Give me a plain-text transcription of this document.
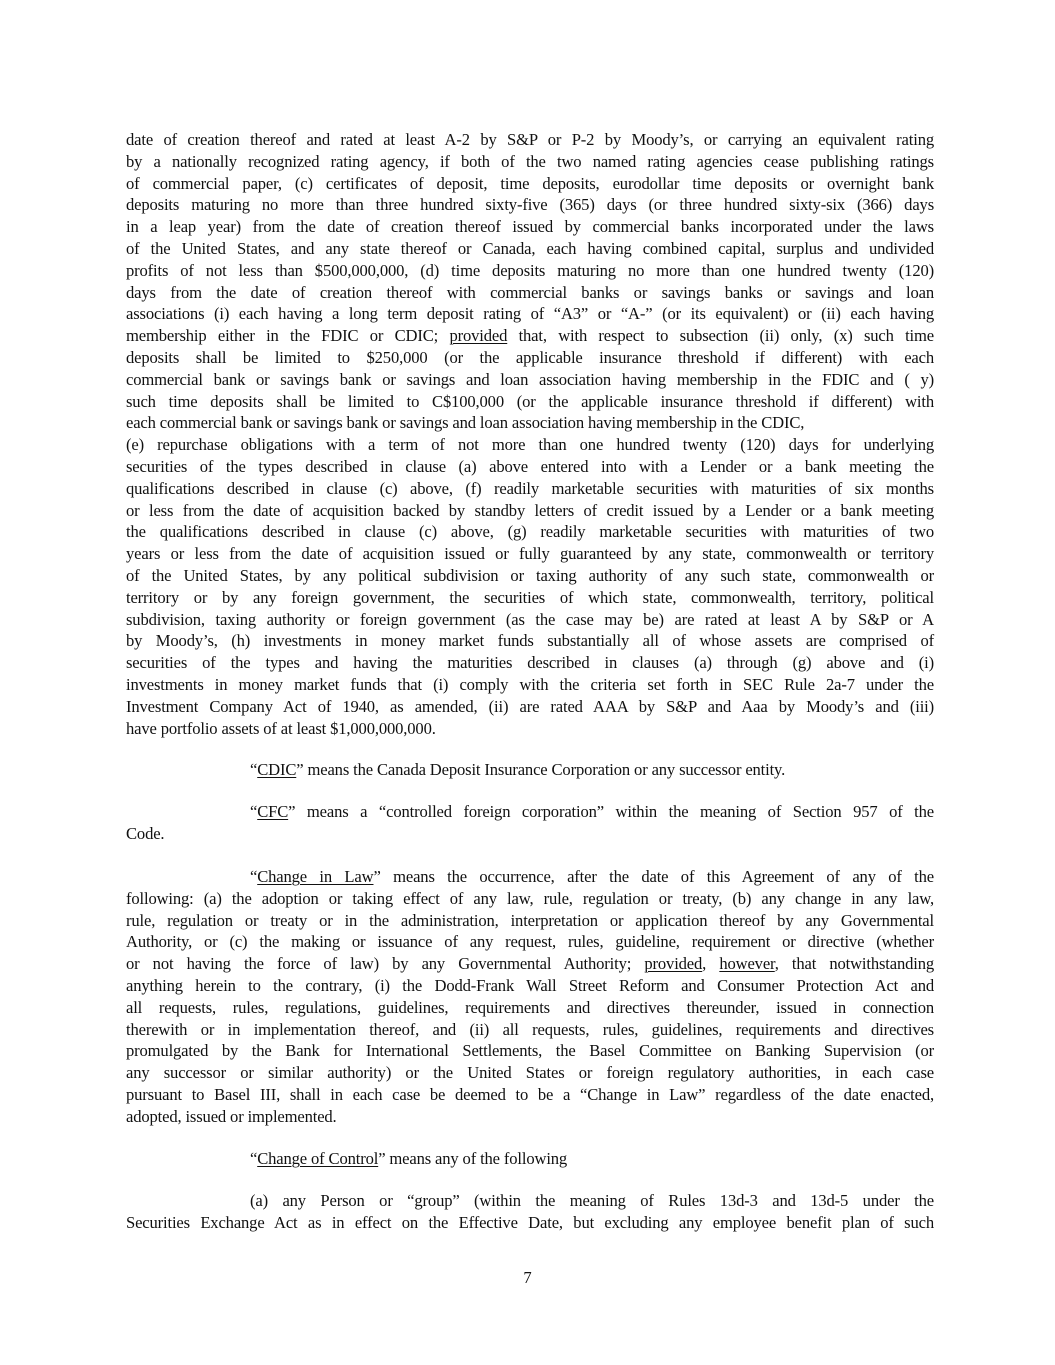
date of creation thereof and rated at least A-2 by S&P or P-2 by Moody’s, or carrying an equivalent rating
by a nationally recognized rating agency, if both of the two named rating agencies cease publishing ratings
of commercial paper, (c) certificates of deposit, time deposits, eurodollar time deposits or overnight bank
deposits maturing no more than three hundred sixty-five (365) days (or three hundred sixty-six (366) days
in a leap year) from the date of creation thereof issued by commercial banks incorporated under the laws
of the United States, and any state thereof or Canada, each having combined capital, surplus and undivided
profits of not less than $500,000,000, (d) time deposits maturing no more than one hundred twenty (120)
days from the date of creation thereof with commercial banks or savings banks or savings and loan
associations (i) each having a long term deposit rating of “A3” or “A-” (or its equivalent) or (ii) each having
membership either in the FDIC or CDIC; provided that, with respect to subsection (ii) only, (x) such time
deposits shall be limited to $250,000 (or the applicable insurance threshold if different) with each
commercial bank or savings bank or savings and loan association having membership in the FDIC and ( y)
such time deposits shall be limited to C$100,000 (or the applicable insurance threshold if different) with
each commercial bank or savings bank or savings and loan association having membership in the CDIC,
(e) repurchase obligations with a term of not more than one hundred twenty (120) days for underlying
securities of the types described in clause (a) above entered into with a Lender or a bank meeting the
qualifications described in clause (c) above, (f) readily marketable securities with maturities of six months
or less from the date of acquisition backed by standby letters of credit issued by a Lender or a bank meeting
the qualifications described in clause (c) above, (g) readily marketable securities with maturities of two
years or less from the date of acquisition issued or fully guaranteed by any state, commonwealth or territory
of the United States, by any political subdivision or taxing authority of any such state, commonwealth or
territory or by any foreign government, the securities of which state, commonwealth, territory, political
subdivision, taxing authority or foreign government (as the case may be) are rated at least A by S&P or A
by Moody’s, (h) investments in money market funds substantially all of whose assets are comprised of
securities of the types and having the maturities described in clauses (a) through (g) above and (i)
investments in money market funds that (i) comply with the criteria set forth in SEC Rule 2a-7 under the
Investment Company Act of 1940, as amended, (ii) are rated AAA by S&P and Aaa by Moody’s and (iii)
have portfolio assets of at least $1,000,000,000.
“CDIC” means the Canada Deposit Insurance Corporation or any successor entity.
“CFC” means a “controlled foreign corporation” within the meaning of Section 957 of the
Code.
“Change in Law” means the occurrence, after the date of this Agreement of any of the
following: (a) the adoption or taking effect of any law, rule, regulation or treaty, (b) any change in any law,
rule, regulation or treaty or in the administration, interpretation or application thereof by any Governmental
Authority, or (c) the making or issuance of any request, rules, guideline, requirement or directive (whether
or not having the force of law) by any Governmental Authority; provided, however, that notwithstanding
anything herein to the contrary, (i) the Dodd-Frank Wall Street Reform and Consumer Protection Act and
all requests, rules, regulations, guidelines, requirements and directives thereunder, issued in connection
therewith or in implementation thereof, and (ii) all requests, rules, guidelines, requirements and directives
promulgated by the Bank for International Settlements, the Basel Committee on Banking Supervision (or
any successor or similar authority) or the United States or foreign regulatory authorities, in each case
pursuant to Basel III, shall in each case be deemed to be a “Change in Law” regardless of the date enacted,
adopted, issued or implemented.
“Change of Control” means any of the following
(a) any Person or “group” (within the meaning of Rules 13d-3 and 13d-5 under the
Securities Exchange Act as in effect on the Effective Date, but excluding any employee benefit plan of such
7
